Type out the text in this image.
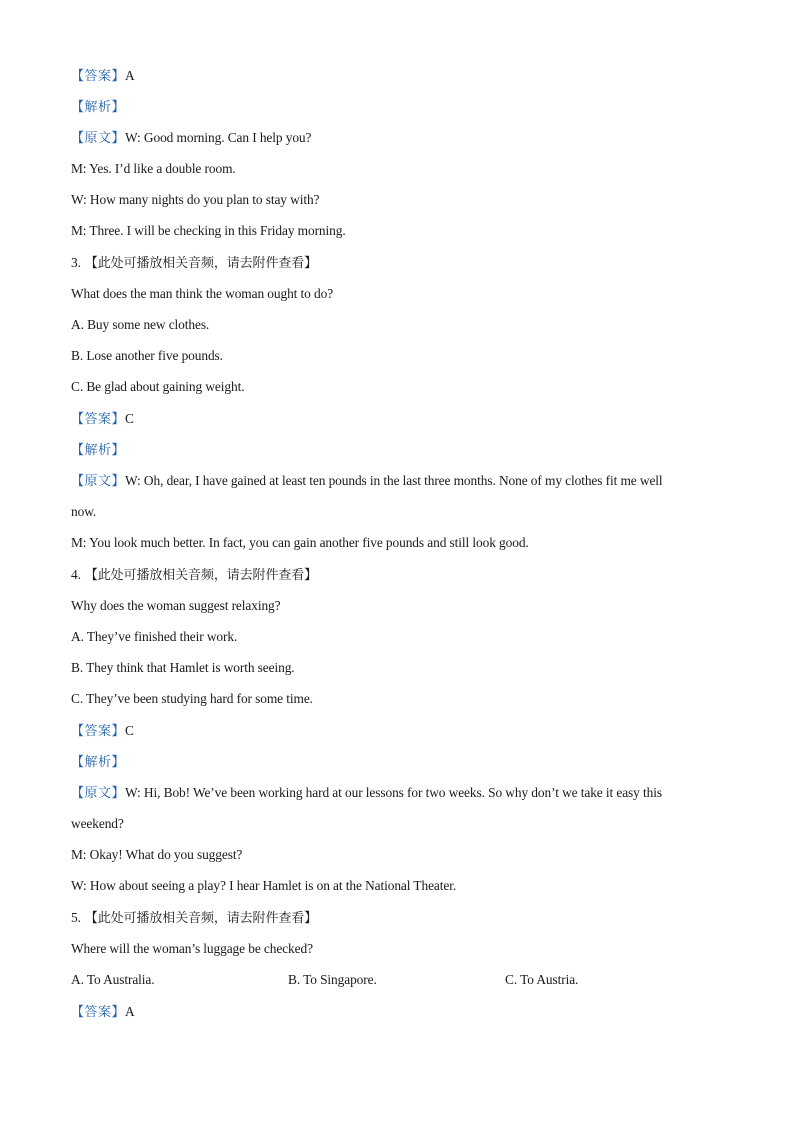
【答案】A
【解析】
【原文】W: Good morning. Can I help you?
M: Yes. I’d like a double room.
W: How many nights do you plan to stay with?
M: Three. I will be checking in this Friday morning.
3. 【此处可播放相关音频，请去附件查看】
What does the man think the woman ought to do?
A. Buy some new clothes.
B. Lose another five pounds.
C. Be glad about gaining weight.
【答案】C
【解析】
【原文】W: Oh, dear, I have gained at least ten pounds in the last three months. None of my clothes fit me well
now.
M: You look much better. In fact, you can gain another five pounds and still look good.
4. 【此处可播放相关音频，请去附件查看】
Why does the woman suggest relaxing?
A. They’ve finished their work.
B. They think that Hamlet is worth seeing.
C. They’ve been studying hard for some time.
【答案】C
【解析】
【原文】W: Hi, Bob! We’ve been working hard at our lessons for two weeks. So why don’t we take it easy this
weekend?
M: Okay! What do you suggest?
W: How about seeing a play? I hear Hamlet is on at the National Theater.
5. 【此处可播放相关音频，请去附件查看】
Where will the woman’s luggage be checked?
A. To Australia.	B. To Singapore.	C. To Austria.
【答案】A
